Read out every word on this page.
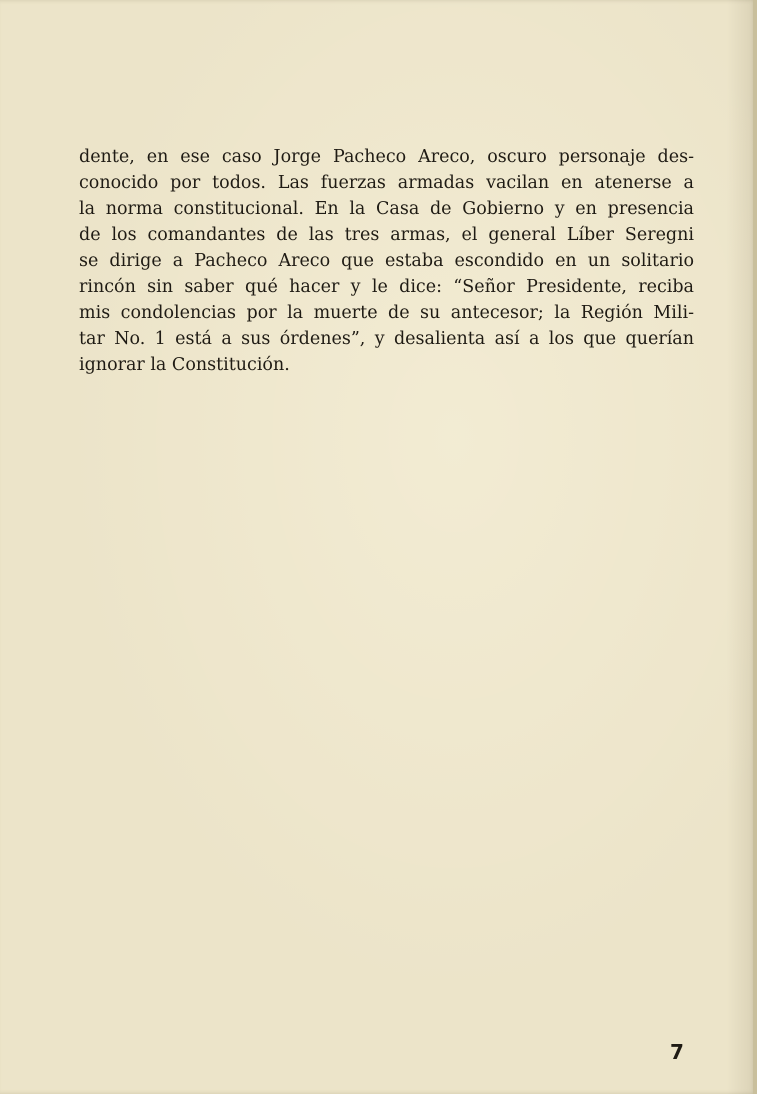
dente, en ese caso Jorge Pacheco Areco, oscuro personaje des-
conocido por todos. Las fuerzas armadas vacilan en atenerse a
la norma constitucional. En la Casa de Gobierno y en presencia
de los comandantes de las tres armas, el general Líber Seregni
se dirige a Pacheco Areco que estaba escondido en un solitario
rincón sin saber qué hacer y le dice: “Señor Presidente, reciba
mis condolencias por la muerte de su antecesor; la Región Mili-
tar No. 1 está a sus órdenes”, y desalienta así a los que querían
ignorar la Constitución.
7
